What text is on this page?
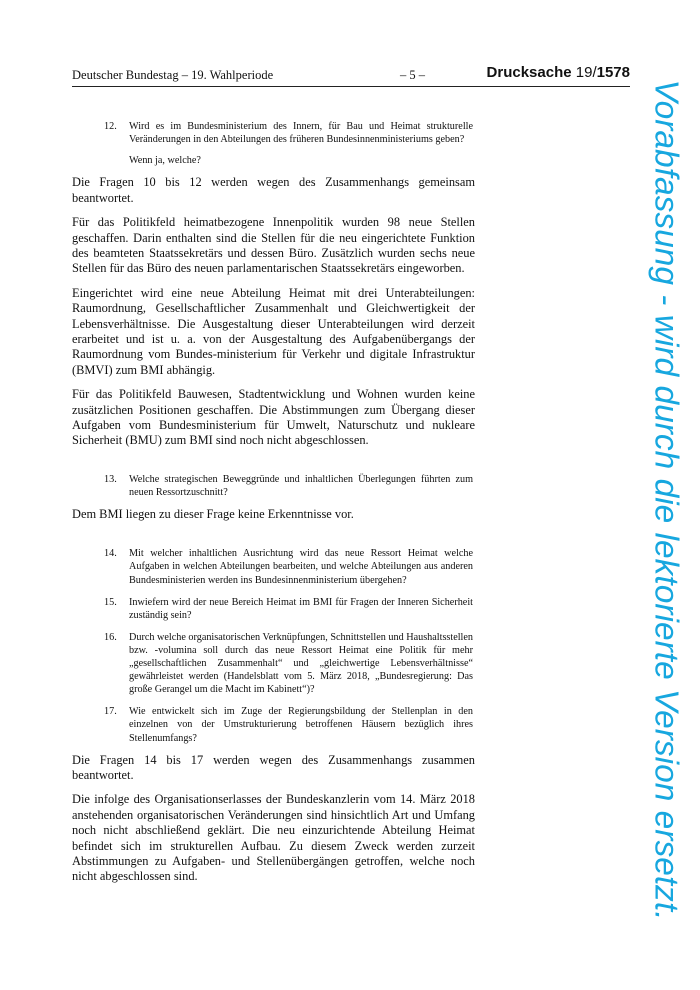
Deutscher Bundestag – 19. Wahlperiode	– 5 –	Drucksache 19/1578
12.	Wird es im Bundesministerium des Innern, für Bau und Heimat strukturelle Veränderungen in den Abteilungen des früheren Bundesinnenministeriums geben?
Wenn ja, welche?

Die Fragen 10 bis 12 werden wegen des Zusammenhangs gemeinsam beantwortet.

Für das Politikfeld heimatbezogene Innenpolitik wurden 98 neue Stellen geschaffen. Darin enthalten sind die Stellen für die neu eingerichtete Funktion des beamteten Staatssekretärs und dessen Büro. Zusätzlich wurden sechs neue Stellen für das Büro des neuen parlamentarischen Staatssekretärs eingeworben.

Eingerichtet wird eine neue Abteilung Heimat mit drei Unterabteilungen: Raumordnung, Gesellschaftlicher Zusammenhalt und Gleichwertigkeit der Lebensverhältnisse. Die Ausgestaltung dieser Unterabteilungen wird derzeit erarbeitet und ist u. a. von der Ausgestaltung des Aufgabenübergangs der Raumordnung vom Bundes-ministerium für Verkehr und digitale Infrastruktur (BMVI) zum BMI abhängig.

Für das Politikfeld Bauwesen, Stadtentwicklung und Wohnen wurden keine zusätzlichen Positionen geschaffen. Die Abstimmungen zum Übergang dieser Aufgaben vom Bundesministerium für Umwelt, Naturschutz und nukleare Sicherheit (BMU) zum BMI sind noch nicht abgeschlossen.

13.	Welche strategischen Beweggründe und inhaltlichen Überlegungen führten zum neuen Ressortzuschnitt?

Dem BMI liegen zu dieser Frage keine Erkenntnisse vor.

14.	Mit welcher inhaltlichen Ausrichtung wird das neue Ressort Heimat welche Aufgaben in welchen Abteilungen bearbeiten, und welche Abteilungen aus anderen Bundesministerien werden ins Bundesinnenministerium übergehen?
15.	Inwiefern wird der neue Bereich Heimat im BMI für Fragen der Inneren Sicherheit zuständig sein?
16.	Durch welche organisatorischen Verknüpfungen, Schnittstellen und Haushaltsstellen bzw. -volumina soll durch das neue Ressort Heimat eine Politik für mehr „gesellschaftlichen Zusammenhalt“ und „gleichwertige Lebensverhältnisse“ gewährleistet werden (Handelsblatt vom 5. März 2018, „Bundesregierung: Das große Gerangel um die Macht im Kabinett“)?
17.	Wie entwickelt sich im Zuge der Regierungsbildung der Stellenplan in den einzelnen von der Umstrukturierung betroffenen Häusern bezüglich ihres Stellenumfangs?

Die Fragen 14 bis 17 werden wegen des Zusammenhangs zusammen beantwortet.

Die infolge des Organisationserlasses der Bundeskanzlerin vom 14. März 2018 anstehenden organisatorischen Veränderungen sind hinsichtlich Art und Umfang noch nicht abschließend geklärt. Die neu einzurichtende Abteilung Heimat befindet sich im strukturellen Aufbau. Zu diesem Zweck werden zurzeit Abstimmungen zu Aufgaben- und Stellenübergängen getroffen, welche noch nicht abgeschlossen sind.	Vorabfassung - wird durch die lektorierte Version ersetzt.
